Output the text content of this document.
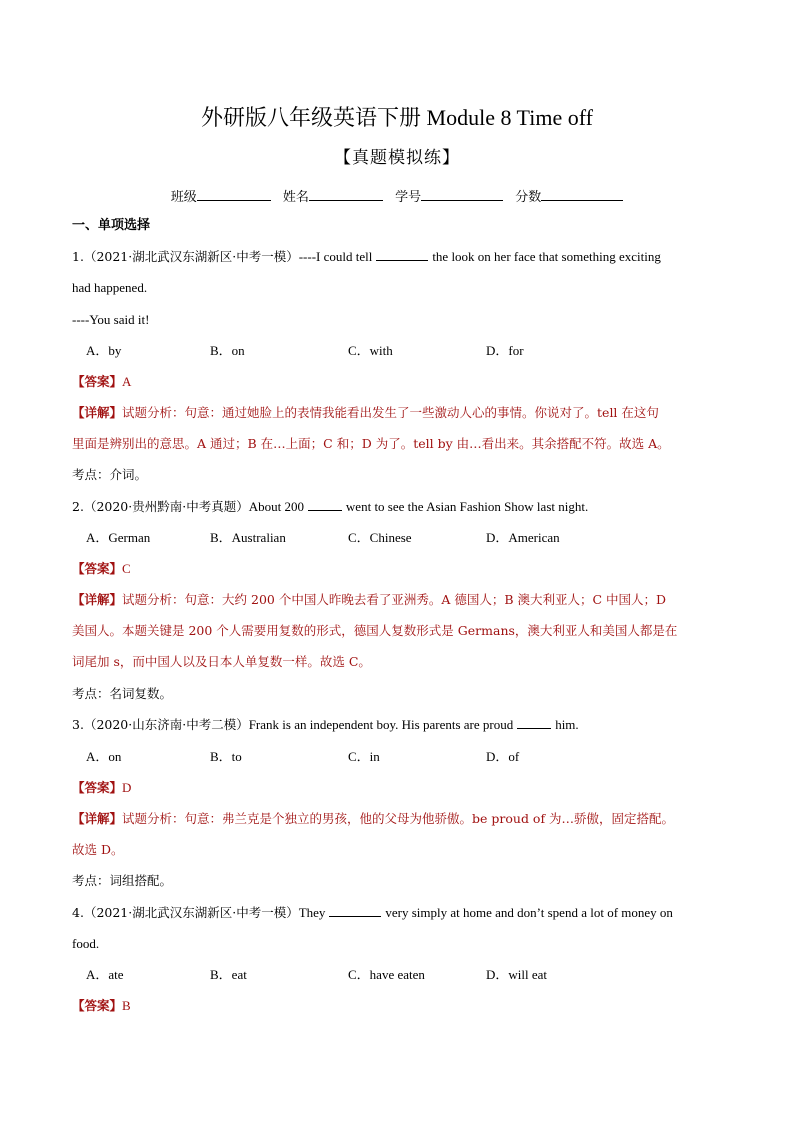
外研版八年级英语下册 Module 8 Time off
【真题模拟练】
班级	姓名	学号	分数
一、单项选择
1.（2021·湖北武汉东湖新区·中考一模）----I could tell	the look on her face that something exciting
had happened.
----You said it!
A．by	B．on	C．with	D．for
【答案】A
【详解】试题分析：句意：通过她脸上的表情我能看出发生了一些激动人心的事情。你说对了。tell 在这句
里面是辨别出的意思。A 通过；B 在…上面；C 和；D 为了。tell by 由…看出来。其余搭配不符。故选 A。
考点：介词。
2.（2020·贵州黔南·中考真题）About 200	went to see the Asian Fashion Show last night.
A．German	B．Australian	C．Chinese	D．American
【答案】C
【详解】试题分析：句意：大约 200 个中国人昨晚去看了亚洲秀。A 德国人；B 澳大利亚人；C 中国人；D
美国人。本题关键是 200 个人需要用复数的形式，德国人复数形式是 Germans，澳大利亚人和美国人都是在
词尾加 s，而中国人以及日本人单复数一样。故选 C。
考点：名词复数。
3.（2020·山东济南·中考二模）Frank is an independent boy. His parents are proud	him.
A．on	B．to	C．in	D．of
【答案】D
【详解】试题分析：句意：弗兰克是个独立的男孩，他的父母为他骄傲。be proud of 为…骄傲，固定搭配。
故选 D。
考点：词组搭配。
4.（2021·湖北武汉东湖新区·中考一模）They	very simply at home and don’t spend a lot of money on
food.
A．ate	B．eat	C．have eaten	D．will eat
【答案】B
